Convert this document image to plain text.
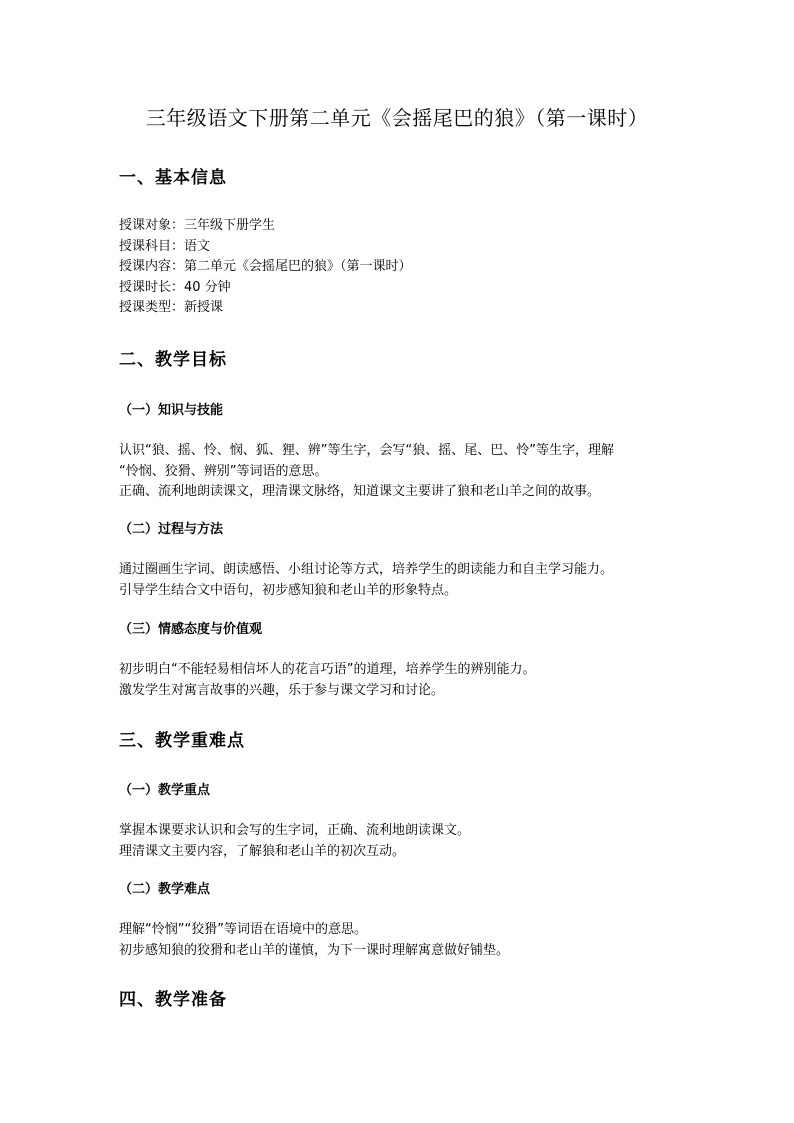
三年级语文下册第二单元《会摇尾巴的狼》（第一课时）
一、基本信息
授课对象：三年级下册学生
授课科目：语文
授课内容：第二单元《会摇尾巴的狼》（第一课时）
授课时长：40 分钟
授课类型：新授课
二、教学目标
（一）知识与技能
认识“狼、摇、怜、悯、狐、狸、辨”等生字，会写“狼、摇、尾、巴、怜”等生字，理解
“怜悯、狡猾、辨别”等词语的意思。
正确、流利地朗读课文，理清课文脉络，知道课文主要讲了狼和老山羊之间的故事。
（二）过程与方法
通过圈画生字词、朗读感悟、小组讨论等方式，培养学生的朗读能力和自主学习能力。
引导学生结合文中语句，初步感知狼和老山羊的形象特点。
（三）情感态度与价值观
初步明白“不能轻易相信坏人的花言巧语”的道理，培养学生的辨别能力。
激发学生对寓言故事的兴趣，乐于参与课文学习和讨论。
三、教学重难点
（一）教学重点
掌握本课要求认识和会写的生字词，正确、流利地朗读课文。
理清课文主要内容，了解狼和老山羊的初次互动。
（二）教学难点
理解“怜悯”“狡猾”等词语在语境中的意思。
初步感知狼的狡猾和老山羊的谨慎，为下一课时理解寓意做好铺垫。
四、教学准备
